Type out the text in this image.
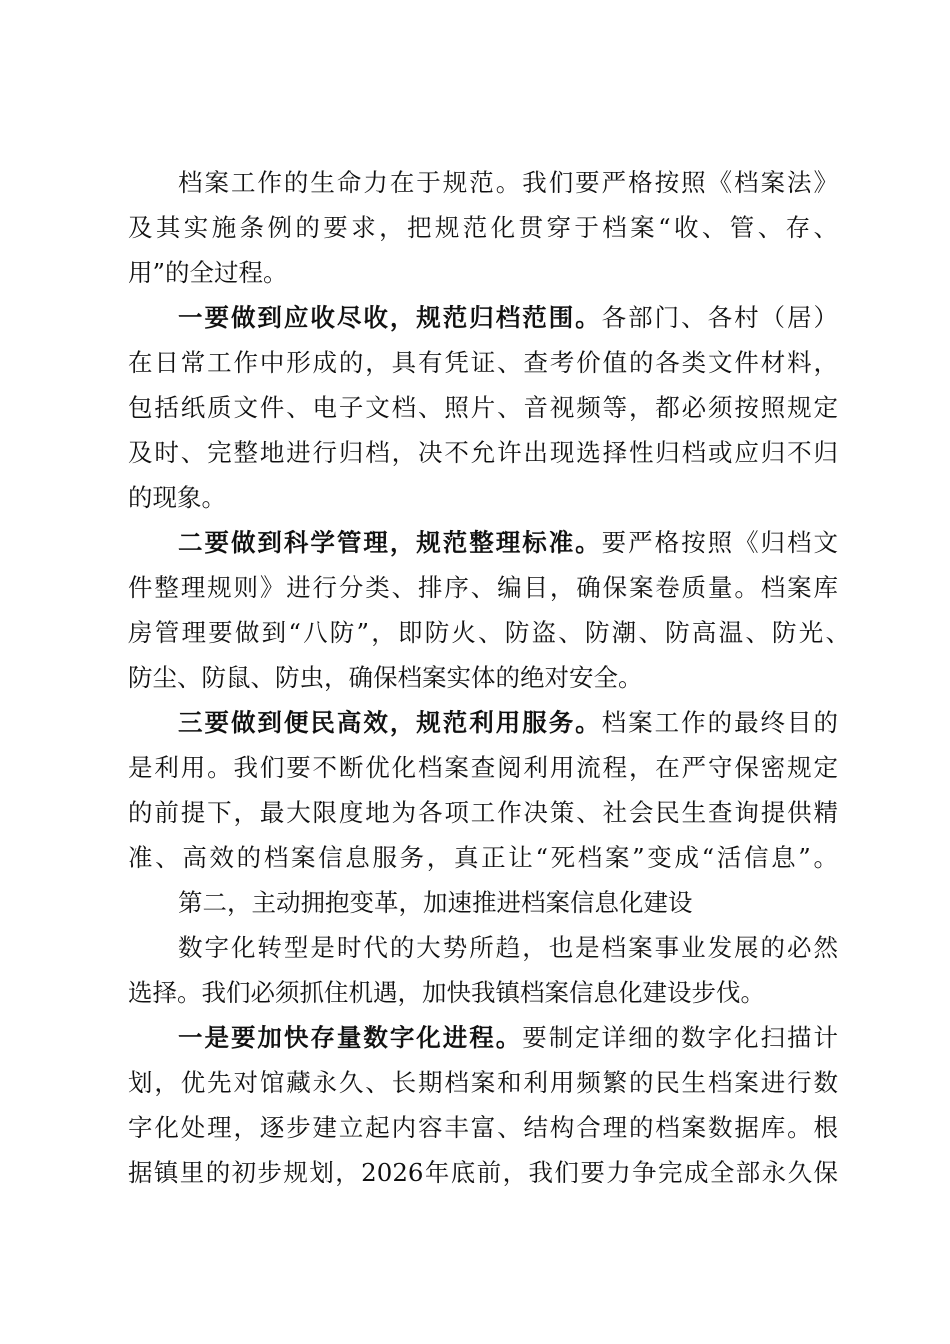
档案工作的生命力在于规范。我们要严格按照《档案法》
及其实施条例的要求，把规范化贯穿于档案“收、管、存、
用”的全过程。
一要做到应收尽收，规范归档范围。各部门、各村（居）
在日常工作中形成的，具有凭证、查考价值的各类文件材料，
包括纸质文件、电子文档、照片、音视频等，都必须按照规定
及时、完整地进行归档，决不允许出现选择性归档或应归不归
的现象。
二要做到科学管理，规范整理标准。要严格按照《归档文
件整理规则》进行分类、排序、编目，确保案卷质量。档案库
房管理要做到“八防”，即防火、防盗、防潮、防高温、防光、
防尘、防鼠、防虫，确保档案实体的绝对安全。
三要做到便民高效，规范利用服务。档案工作的最终目的
是利用。我们要不断优化档案查阅利用流程，在严守保密规定
的前提下，最大限度地为各项工作决策、社会民生查询提供精
准、高效的档案信息服务，真正让“死档案”变成“活信息”。
第二，主动拥抱变革，加速推进档案信息化建设
数字化转型是时代的大势所趋，也是档案事业发展的必然
选择。我们必须抓住机遇，加快我镇档案信息化建设步伐。
一是要加快存量数字化进程。要制定详细的数字化扫描计
划，优先对馆藏永久、长期档案和利用频繁的民生档案进行数
字化处理，逐步建立起内容丰富、结构合理的档案数据库。根
据镇里的初步规划，2026年底前，我们要力争完成全部永久保
